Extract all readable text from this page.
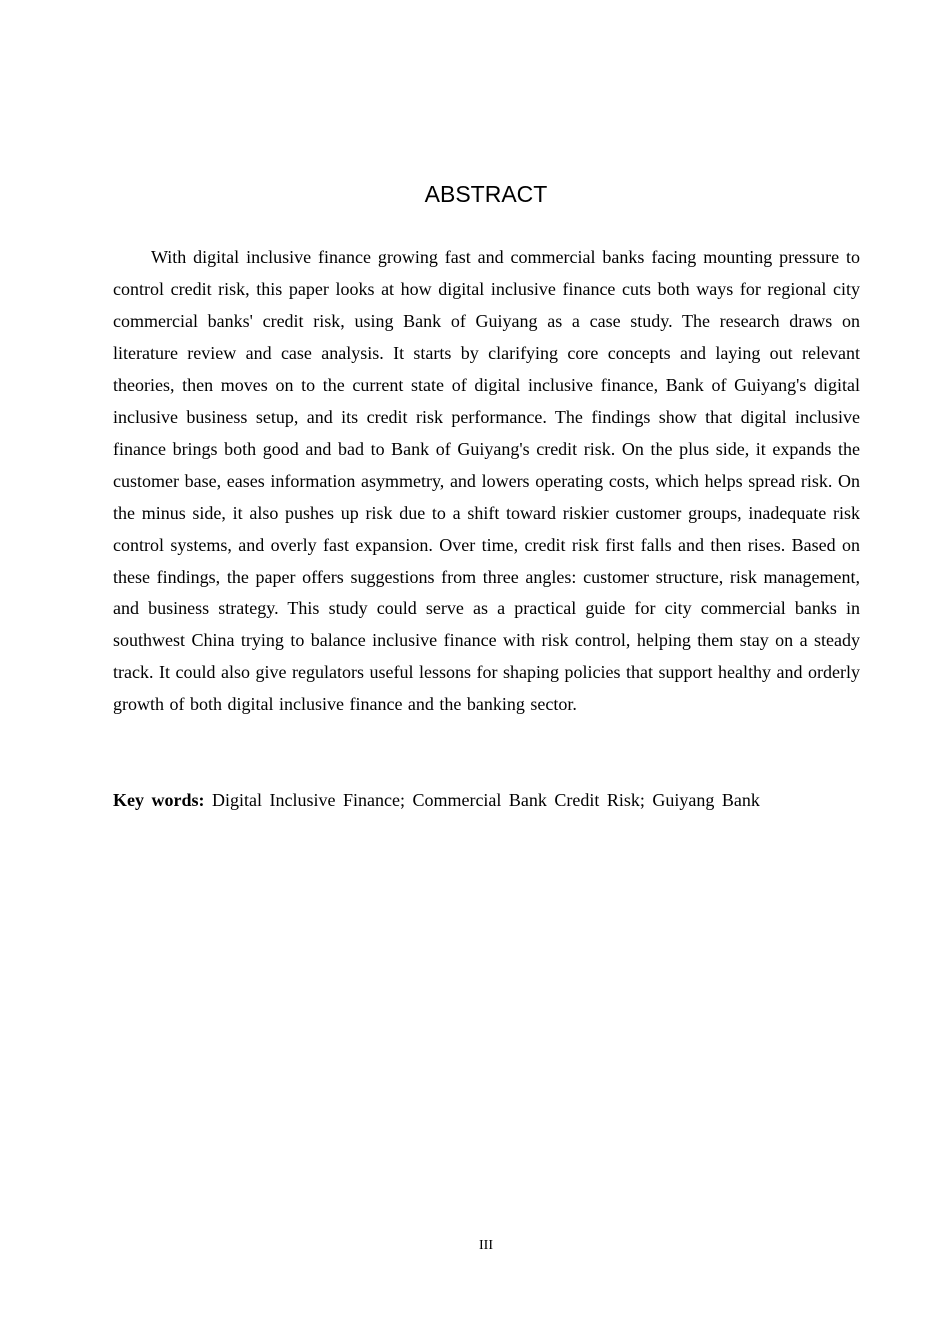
ABSTRACT

With digital inclusive finance growing fast and commercial banks facing mounting pressure to control credit risk, this paper looks at how digital inclusive finance cuts both ways for regional city commercial banks' credit risk, using Bank of Guiyang as a case study. The research draws on literature review and case analysis. It starts by clarifying core concepts and laying out relevant theories, then moves on to the current state of digital inclusive finance, Bank of Guiyang's digital inclusive business setup, and its credit risk performance. The findings show that digital inclusive finance brings both good and bad to Bank of Guiyang's credit risk. On the plus side, it expands the customer base, eases information asymmetry, and lowers operating costs, which helps spread risk. On the minus side, it also pushes up risk due to a shift toward riskier customer groups, inadequate risk control systems, and overly fast expansion. Over time, credit risk first falls and then rises. Based on these findings, the paper offers suggestions from three angles: customer structure, risk management, and business strategy. This study could serve as a practical guide for city commercial banks in southwest China trying to balance inclusive finance with risk control, helping them stay on a steady track. It could also give regulators useful lessons for shaping policies that support healthy and orderly growth of both digital inclusive finance and the banking sector.

Key words: Digital Inclusive Finance; Commercial Bank Credit Risk; Guiyang Bank

III
